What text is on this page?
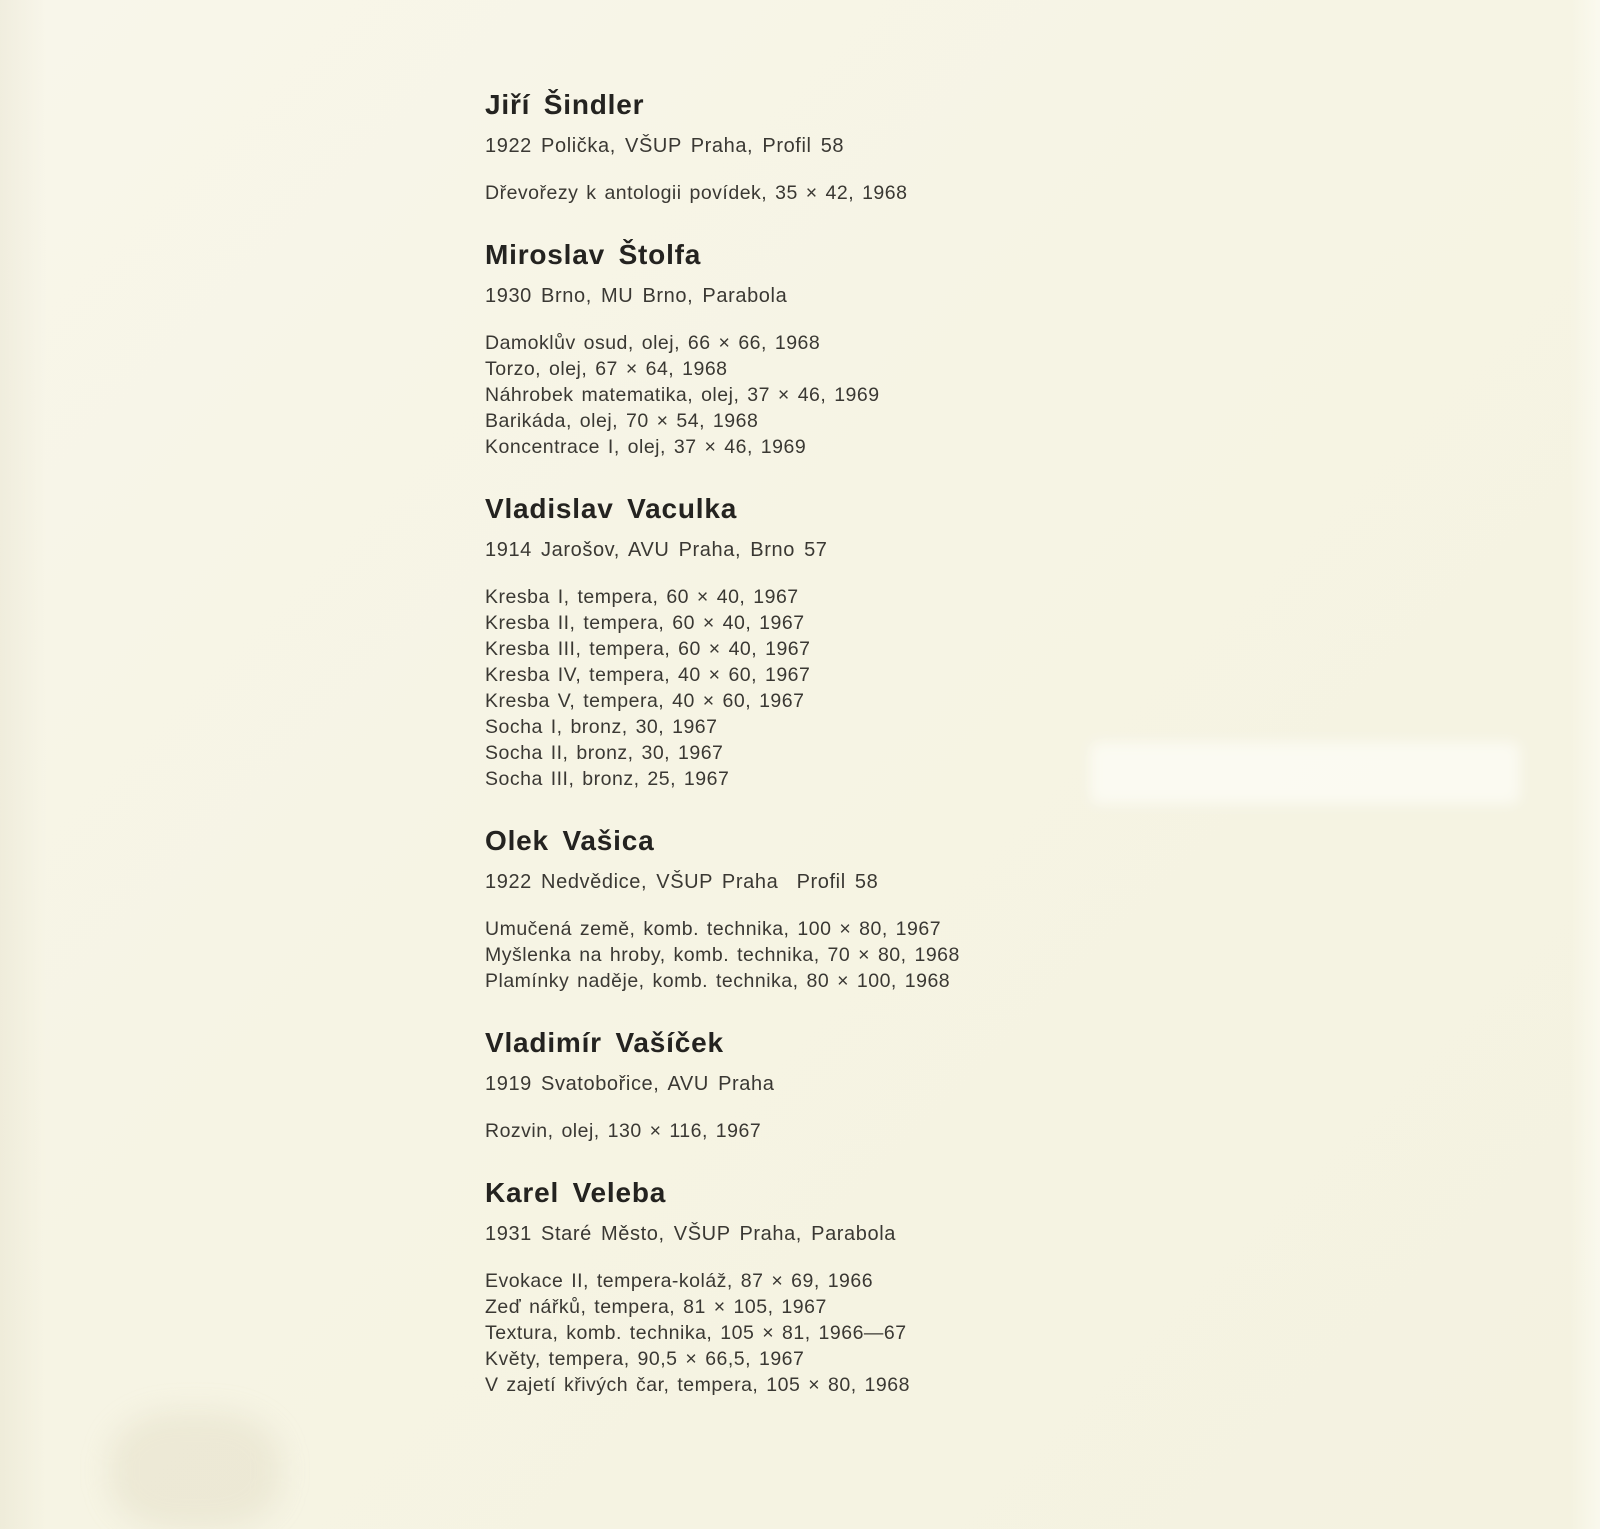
Jiří Šindler

1922 Polička, VŠUP Praha, Profil 58

Dřevořezy k antologii povídek, 35 × 42, 1968

Miroslav Štolfa

1930 Brno, MU Brno, Parabola

Damoklův osud, olej, 66 × 66, 1968

Torzo, olej, 67 × 64, 1968

Náhrobek matematika, olej, 37 × 46, 1969

Barikáda, olej, 70 × 54, 1968

Koncentrace I, olej, 37 × 46, 1969

Vladislav Vaculka

1914 Jarošov, AVU Praha, Brno 57

Kresba I, tempera, 60 × 40, 1967

Kresba II, tempera, 60 × 40, 1967

Kresba III, tempera, 60 × 40, 1967

Kresba IV, tempera, 40 × 60, 1967

Kresba V, tempera, 40 × 60, 1967

Socha I, bronz, 30, 1967

Socha II, bronz, 30, 1967

Socha III, bronz, 25, 1967

Olek Vašica

1922 Nedvědice, VŠUP Praha  Profil 58

Umučená země, komb. technika, 100 × 80, 1967

Myšlenka na hroby, komb. technika, 70 × 80, 1968

Plamínky naděje, komb. technika, 80 × 100, 1968

Vladimír Vašíček

1919 Svatobořice, AVU Praha

Rozvin, olej, 130 × 116, 1967

Karel Veleba

1931 Staré Město, VŠUP Praha, Parabola

Evokace II, tempera-koláž, 87 × 69, 1966

Zeď nářků, tempera, 81 × 105, 1967

Textura, komb. technika, 105 × 81, 1966—67

Květy, tempera, 90,5 × 66,5, 1967

V zajetí křivých čar, tempera, 105 × 80, 1968
